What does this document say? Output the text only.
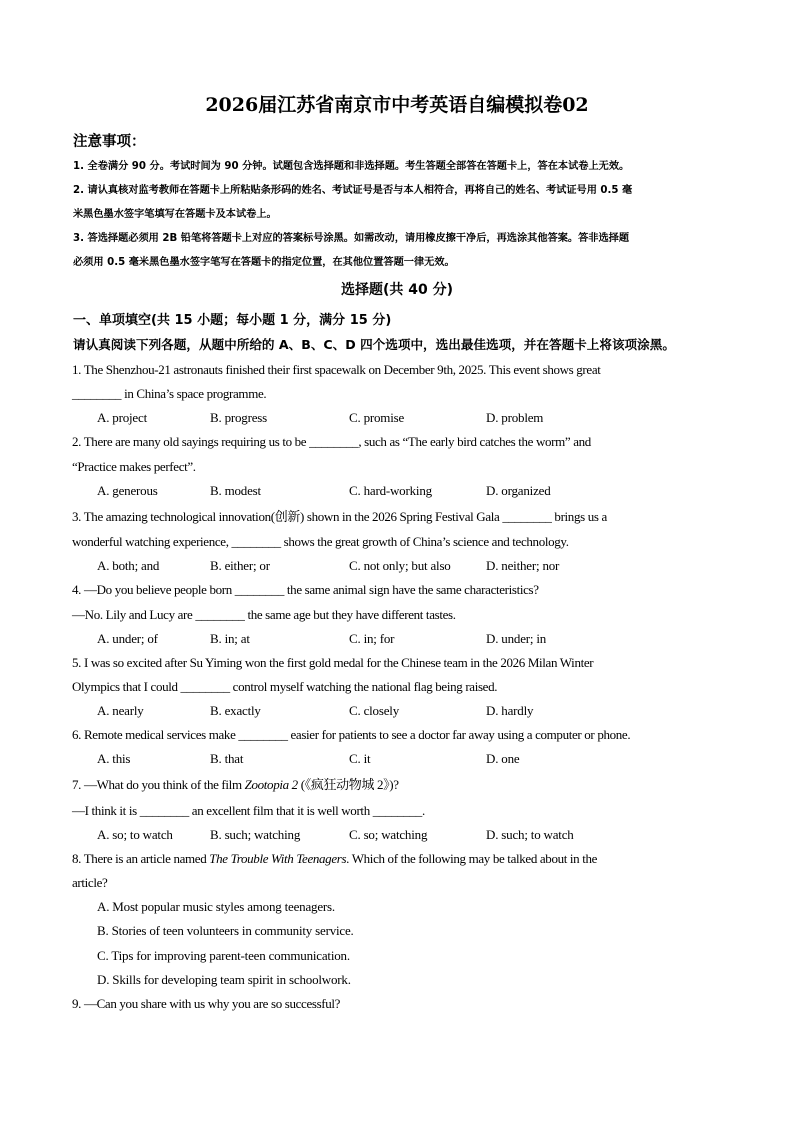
2026届江苏省南京市中考英语自编模拟卷02
注意事项：
1. 全卷满分 90 分。考试时间为 90 分钟。试题包含选择题和非选择题。考生答题全部答在答题卡上，答在本试卷上无效。
2. 请认真核对监考教师在答题卡上所粘贴条形码的姓名、考试证号是否与本人相符合，再将自己的姓名、考试证号用 0.5 毫
米黑色墨水签字笔填写在答题卡及本试卷上。
3. 答选择题必须用 2B 铅笔将答题卡上对应的答案标号涂黑。如需改动，请用橡皮擦干净后，再选涂其他答案。答非选择题
必须用 0.5 毫米黑色墨水签字笔写在答题卡的指定位置，在其他位置答题一律无效。
选择题(共 40 分)
一、单项填空(共 15 小题；每小题 1 分，满分 15 分)
请认真阅读下列各题，从题中所给的 A、B、C、D 四个选项中，选出最佳选项，并在答题卡上将该项涂黑。
1. The Shenzhou-21 astronauts finished their first spacewalk on December 9th, 2025. This event shows great
________ in China’s space programme.
A. project	B. progress	C. promise	D. problem
2. There are many old sayings requiring us to be ________, such as “The early bird catches the worm” and
“Practice makes perfect”.
A. generous	B. modest	C. hard-working	D. organized
3. The amazing technological innovation(创新) shown in the 2026 Spring Festival Gala ________ brings us a
wonderful watching experience, ________ shows the great growth of China’s science and technology.
A. both; and	B. either; or	C. not only; but also	D. neither; nor
4. —Do you believe people born ________ the same animal sign have the same characteristics?
—No. Lily and Lucy are ________ the same age but they have different tastes.
A. under; of	B. in; at	C. in; for	D. under; in
5. I was so excited after Su Yiming won the first gold medal for the Chinese team in the 2026 Milan Winter
Olympics that I could ________ control myself watching the national flag being raised.
A. nearly	B. exactly	C. closely	D. hardly
6. Remote medical services make ________ easier for patients to see a doctor far away using a computer or phone.
A. this	B. that	C. it	D. one
7. —What do you think of the film Zootopia 2 (《疯狂动物城 2》)?
—I think it is ________ an excellent film that it is well worth ________.
A. so; to watch	B. such; watching	C. so; watching	D. such; to watch
8. There is an article named The Trouble With Teenagers. Which of the following may be talked about in the
article?
A. Most popular music styles among teenagers.
B. Stories of teen volunteers in community service.
C. Tips for improving parent-teen communication.
D. Skills for developing team spirit in schoolwork.
9. —Can you share with us why you are so successful?
